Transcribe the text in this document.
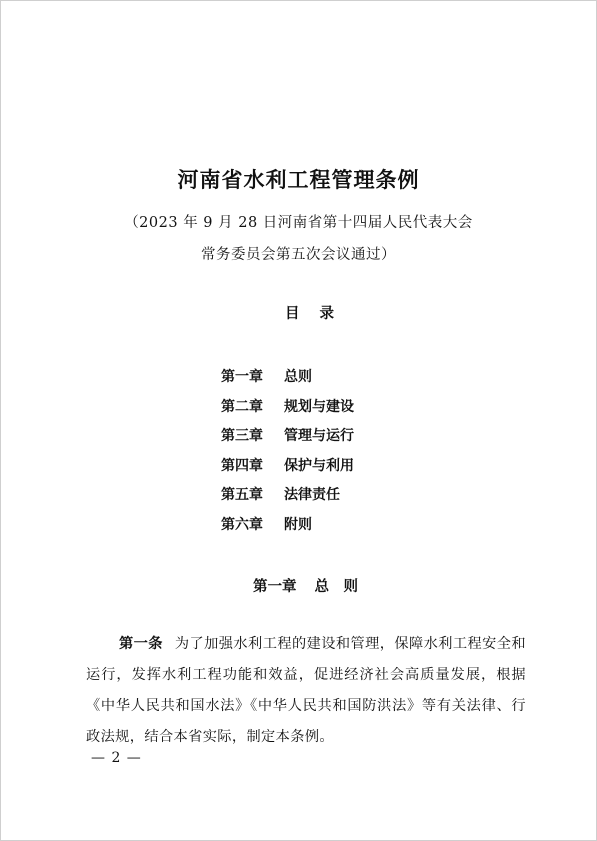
河南省水利工程管理条例
（2023 年 9 月 28 日河南省第十四届人民代表大会
常务委员会第五次会议通过）
目 录
第一章 总则
第二章 规划与建设
第三章 管理与运行
第四章 保护与利用
第五章 法律责任
第六章 附则
第一章 总　则
第一条 为了加强水利工程的建设和管理，保障水利工程安全和运行，发挥水利工程功能和效益，促进经济社会高质量发展，根据《中华人民共和国水法》《中华人民共和国防洪法》等有关法律、行政法规，结合本省实际，制定本条例。
— 2 —
